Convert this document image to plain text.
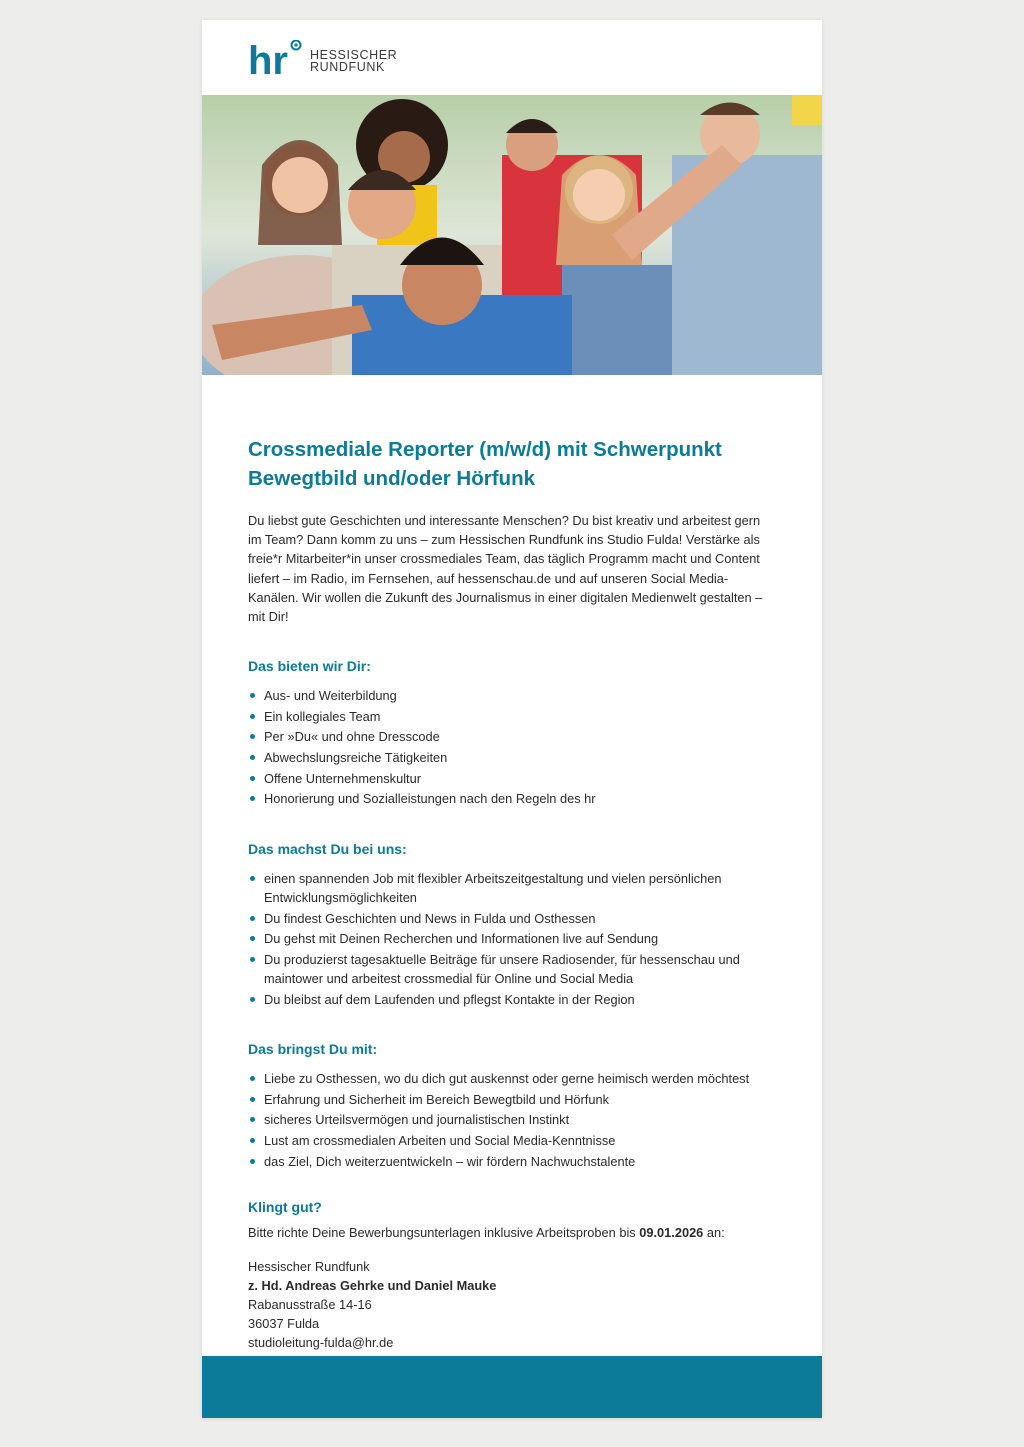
hr HESSISCHER
RUNDFUNK
Crossmediale Reporter (m/w/d) mit Schwerpunkt
Bewegtbild und/oder Hörfunk

Du liebst gute Geschichten und interessante Menschen? Du bist kreativ und arbeitest gern im Team? Dann komm zu uns – zum Hessischen Rundfunk ins Studio Fulda! Verstärke als freie*r Mitarbeiter*in unser crossmediales Team, das täglich Programm macht und Content liefert – im Radio, im Fernsehen, auf hessenschau.de und auf unseren Social Media-Kanälen. Wir wollen die Zukunft des Journalismus in einer digitalen Medienwelt gestalten – mit Dir!

Das bieten wir Dir:
Aus- und Weiterbildung
Ein kollegiales Team
Per »Du« und ohne Dresscode
Abwechslungsreiche Tätigkeiten
Offene Unternehmenskultur
Honorierung und Sozialleistungen nach den Regeln des hr
Das machst Du bei uns:
einen spannenden Job mit flexibler Arbeitszeitgestaltung und vielen persönlichen Entwicklungsmöglichkeiten
Du findest Geschichten und News in Fulda und Osthessen
Du gehst mit Deinen Recherchen und Informationen live auf Sendung
Du produzierst tagesaktuelle Beiträge für unsere Radiosender, für hessenschau und maintower und arbeitest crossmedial für Online und Social Media
Du bleibst auf dem Laufenden und pflegst Kontakte in der Region
Das bringst Du mit:
Liebe zu Osthessen, wo du dich gut auskennst oder gerne heimisch werden möchtest
Erfahrung und Sicherheit im Bereich Bewegtbild und Hörfunk
sicheres Urteilsvermögen und journalistischen Instinkt
Lust am crossmedialen Arbeiten und Social Media-Kenntnisse
das Ziel, Dich weiterzuentwickeln – wir fördern Nachwuchstalente
Klingt gut?

Bitte richte Deine Bewerbungsunterlagen inklusive Arbeitsproben bis 09.01.2026 an:

Hessischer Rundfunk
z. Hd. Andreas Gehrke und Daniel Mauke
Rabanusstraße 14-16
36037 Fulda
studioleitung-fulda@hr.de
